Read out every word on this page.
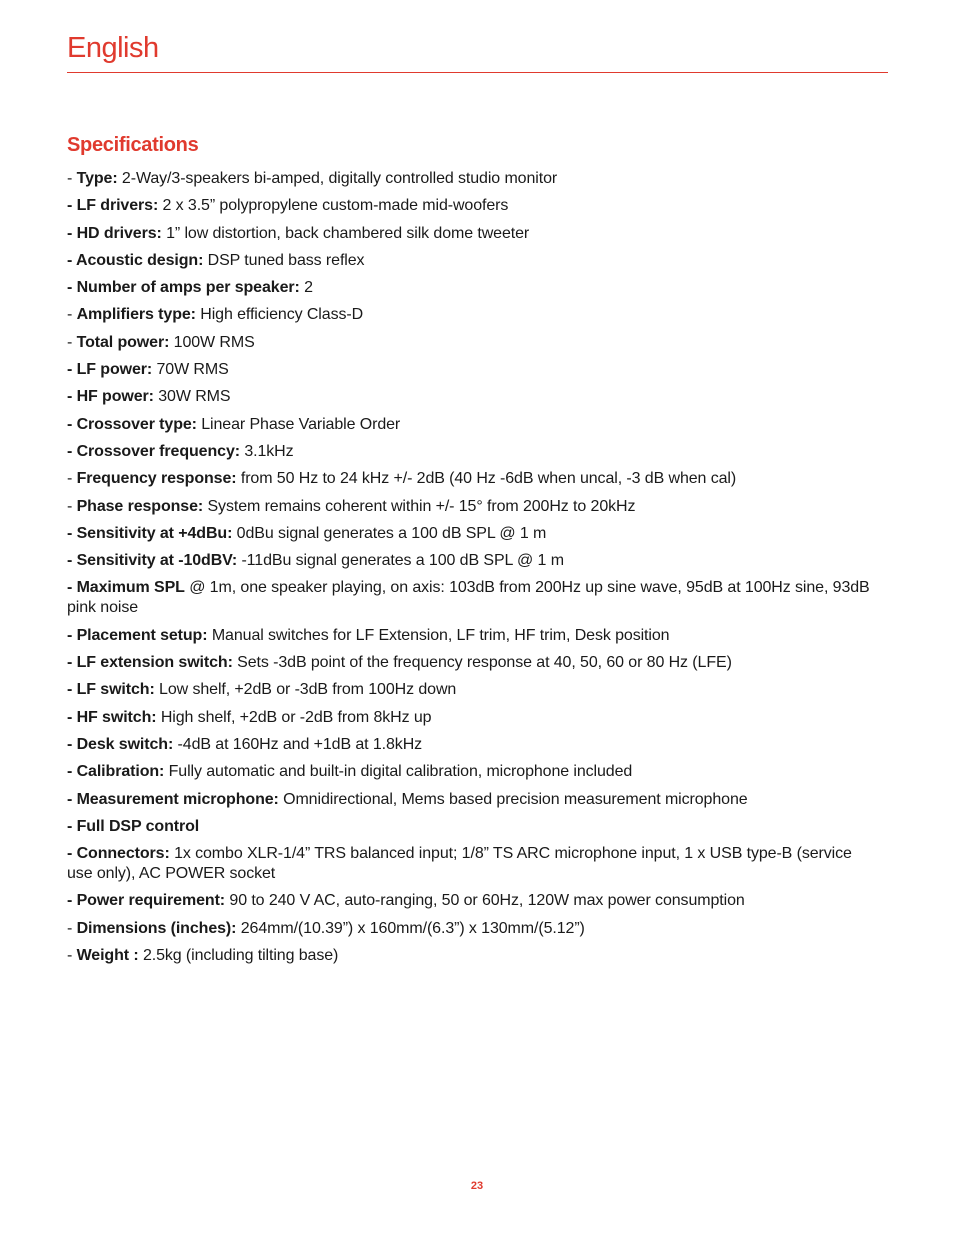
English
Specifications
- Type: 2-Way/3-speakers bi-amped, digitally controlled studio monitor
- LF drivers: 2 x 3.5” polypropylene custom-made mid-woofers
- HD drivers: 1” low distortion, back chambered silk dome tweeter
- Acoustic design: DSP tuned bass reflex
- Number of amps per speaker: 2
- Amplifiers type: High efficiency Class-D
- Total power: 100W RMS
- LF power: 70W RMS
- HF power: 30W RMS
- Crossover type: Linear Phase Variable Order
- Crossover frequency: 3.1kHz
- Frequency response: from 50 Hz to 24 kHz +/- 2dB (40 Hz -6dB when uncal, -3 dB when cal)
- Phase response: System remains coherent within +/- 15° from 200Hz to 20kHz
- Sensitivity at +4dBu: 0dBu signal generates a 100 dB SPL @ 1 m
- Sensitivity at -10dBV: -11dBu signal generates a 100 dB SPL @ 1 m
- Maximum SPL @ 1m, one speaker playing, on axis: 103dB from 200Hz up sine wave, 95dB at 100Hz sine, 93dB pink noise
- Placement setup: Manual switches for LF Extension, LF trim, HF trim, Desk position
- LF extension switch: Sets -3dB point of the frequency response at 40, 50, 60 or 80 Hz (LFE)
- LF switch: Low shelf, +2dB or -3dB from 100Hz down
- HF switch: High shelf, +2dB or -2dB from 8kHz up
- Desk switch: -4dB at 160Hz and +1dB at 1.8kHz
- Calibration: Fully automatic and built-in digital calibration, microphone included
- Measurement microphone: Omnidirectional, Mems based precision measurement microphone
- Full DSP control
- Connectors: 1x combo XLR-1/4” TRS balanced input; 1/8” TS ARC microphone input, 1 x USB type-B (service use only), AC POWER socket
- Power requirement: 90 to 240 V AC, auto-ranging, 50 or 60Hz, 120W max power consumption
- Dimensions (inches): 264mm/(10.39”) x 160mm/(6.3”) x 130mm/(5.12”)
- Weight : 2.5kg (including tilting base)
23
